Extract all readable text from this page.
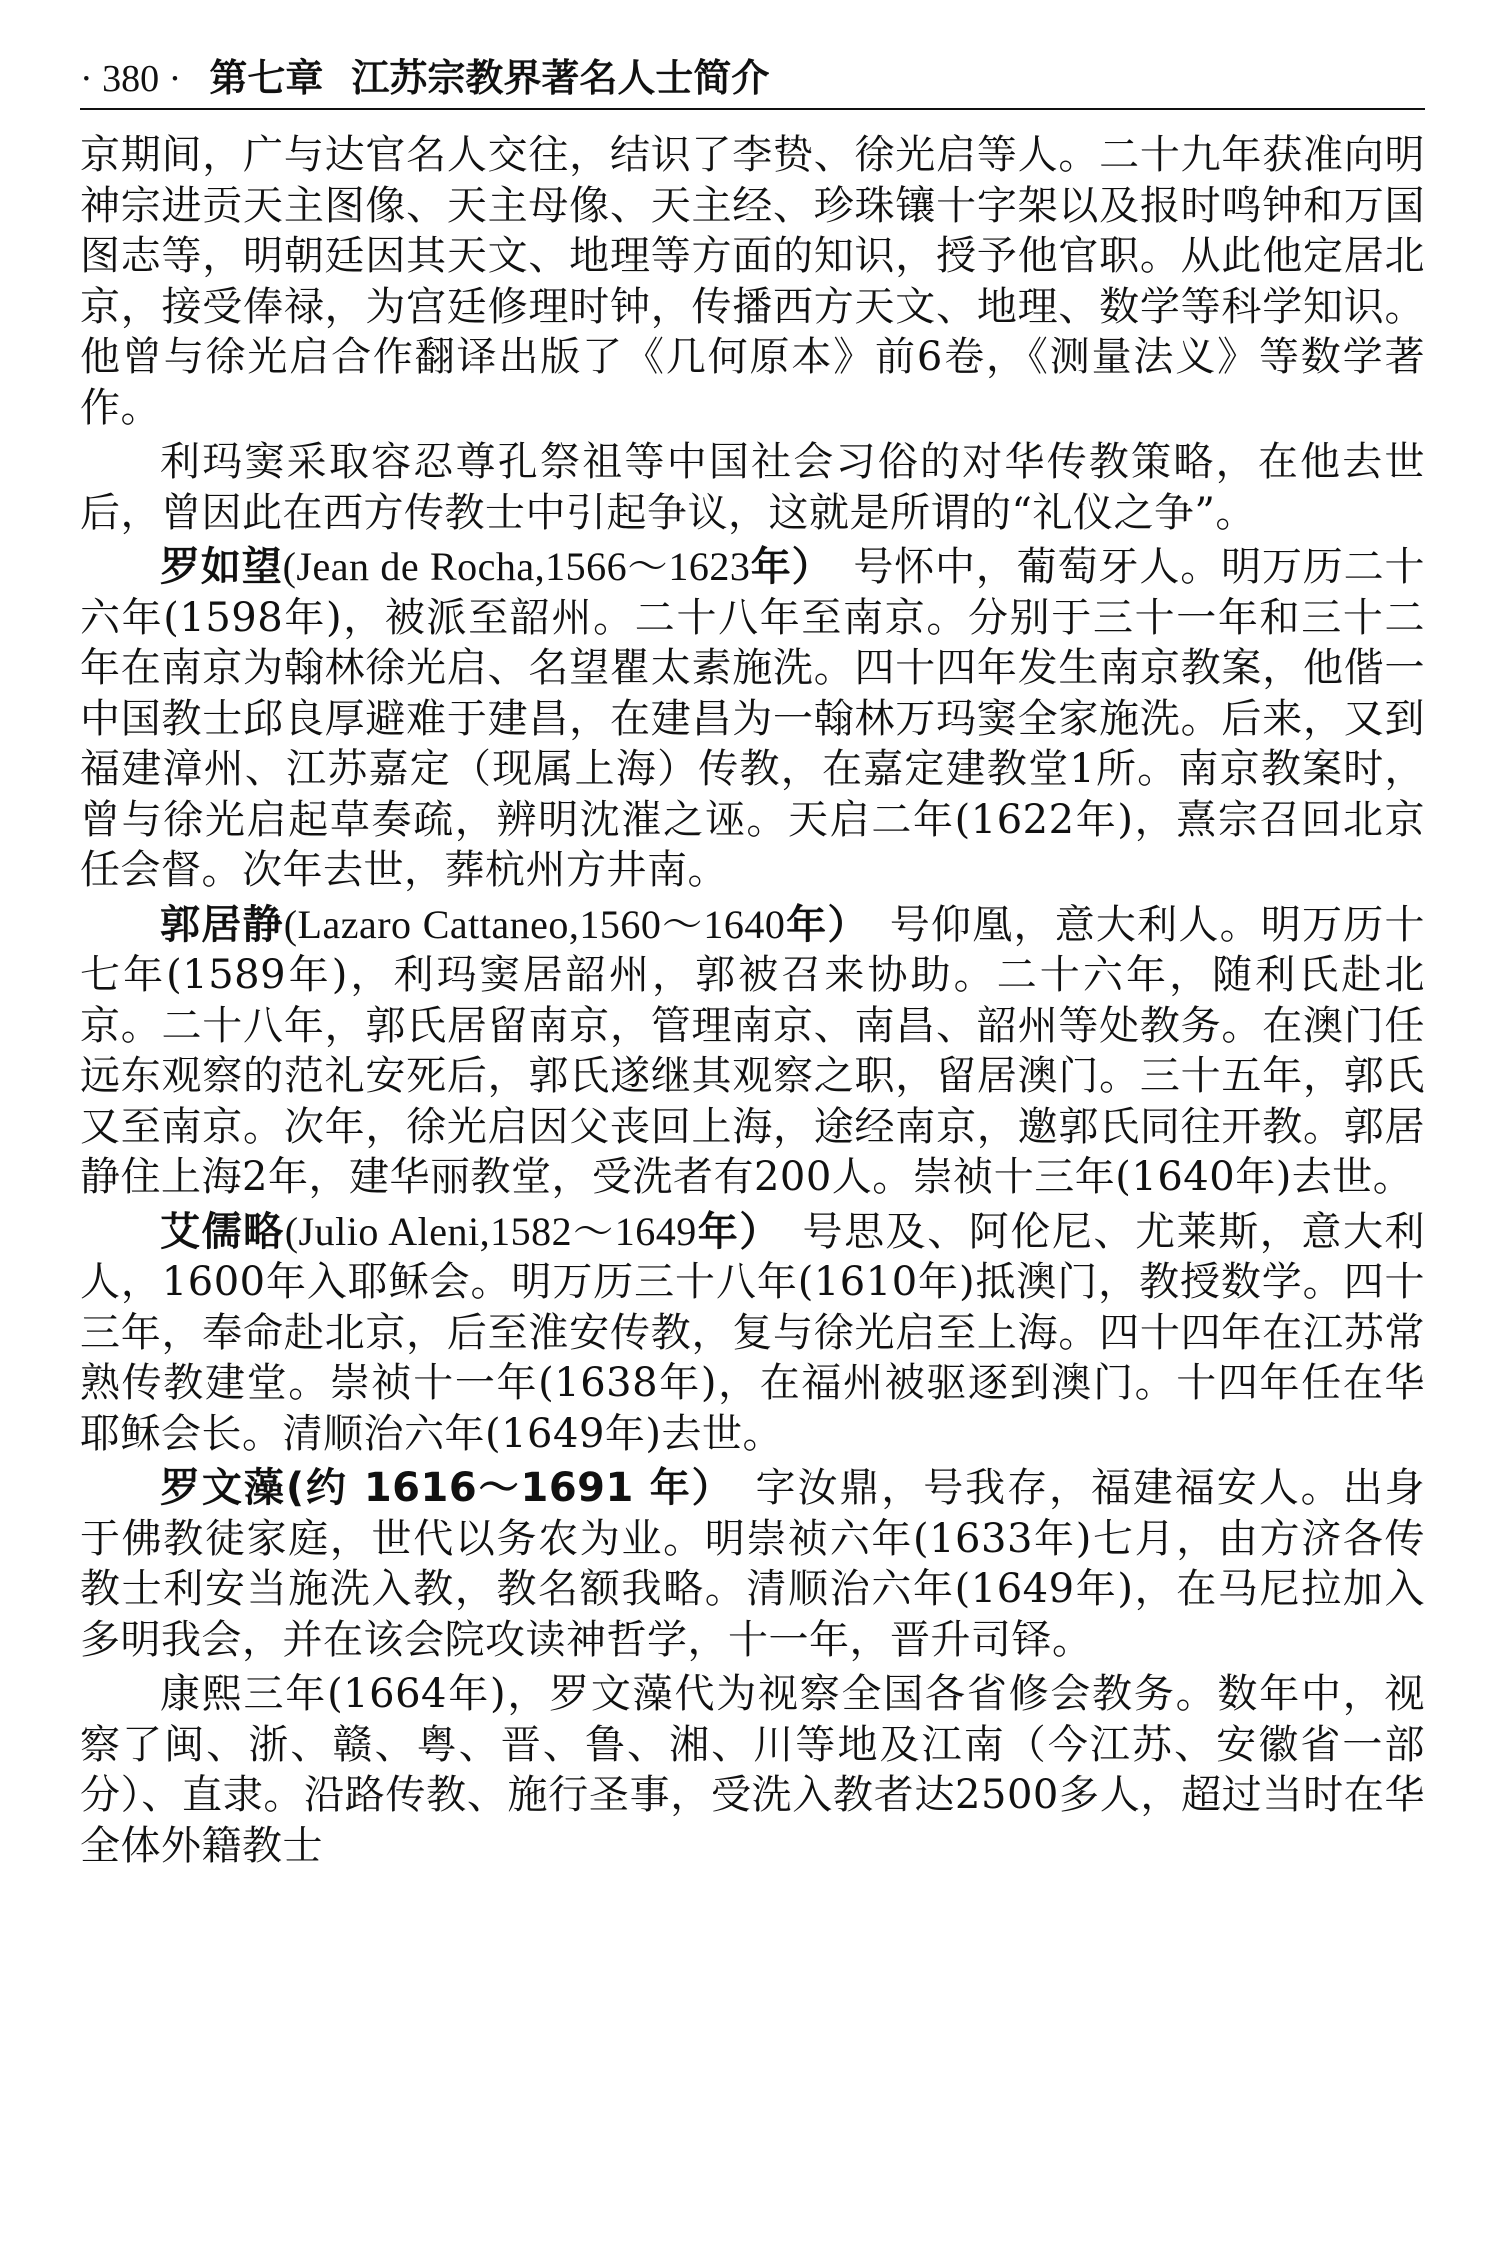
· 380 · 第七章 江苏宗教界著名人士简介

京期间，广与达官名人交往，结识了李贽、徐光启等人。二十九年获准向明神宗进贡天主图像、天主母像、天主经、珍珠镶十字架以及报时鸣钟和万国图志等，明朝廷因其天文、地理等方面的知识，授予他官职。从此他定居北京，接受俸禄，为宫廷修理时钟，传播西方天文、地理、数学等科学知识。他曾与徐光启合作翻译出版了《几何原本》前6卷，《测量法义》等数学著作。

利玛窦采取容忍尊孔祭祖等中国社会习俗的对华传教策略，在他去世后，曾因此在西方传教士中引起争议，这就是所谓的“礼仪之争”。

罗如望(Jean de Rocha,1566～1623年）　号怀中，葡萄牙人。明万历二十六年(1598年)，被派至韶州。二十八年至南京。分别于三十一年和三十二年在南京为翰林徐光启、名望瞿太素施洗。四十四年发生南京教案，他偕一中国教士邱良厚避难于建昌，在建昌为一翰林万玛窦全家施洗。后来，又到福建漳州、江苏嘉定（现属上海）传教，在嘉定建教堂1所。南京教案时，曾与徐光启起草奏疏，辨明沈漼之诬。天启二年(1622年)，熹宗召回北京任会督。次年去世，葬杭州方井南。

郭居静(Lazaro Cattaneo,1560～1640年）　号仰凰，意大利人。明万历十七年(1589年)，利玛窦居韶州，郭被召来协助。二十六年，随利氏赴北京。二十八年，郭氏居留南京，管理南京、南昌、韶州等处教务。在澳门任远东观察的范礼安死后，郭氏遂继其观察之职，留居澳门。三十五年，郭氏又至南京。次年，徐光启因父丧回上海，途经南京，邀郭氏同往开教。郭居静住上海2年，建华丽教堂，受洗者有200人。崇祯十三年(1640年)去世。

艾儒略(Julio Aleni,1582～1649年）　号思及、阿伦尼、尤莱斯，意大利人，1600年入耶稣会。明万历三十八年(1610年)抵澳门，教授数学。四十三年，奉命赴北京，后至淮安传教，复与徐光启至上海。四十四年在江苏常熟传教建堂。崇祯十一年(1638年)，在福州被驱逐到澳门。十四年任在华耶稣会长。清顺治六年(1649年)去世。

罗文藻(约 1616～1691 年）　字汝鼎，号我存，福建福安人。出身于佛教徒家庭，世代以务农为业。明崇祯六年(1633年)七月，由方济各传教士利安当施洗入教，教名额我略。清顺治六年(1649年)，在马尼拉加入多明我会，并在该会院攻读神哲学，十一年，晋升司铎。

康熙三年(1664年)，罗文藻代为视察全国各省修会教务。数年中，视察了闽、浙、赣、粤、晋、鲁、湘、川等地及江南（今江苏、安徽省一部分）、直隶。沿路传教、施行圣事，受洗入教者达2500多人，超过当时在华全体外籍教士
